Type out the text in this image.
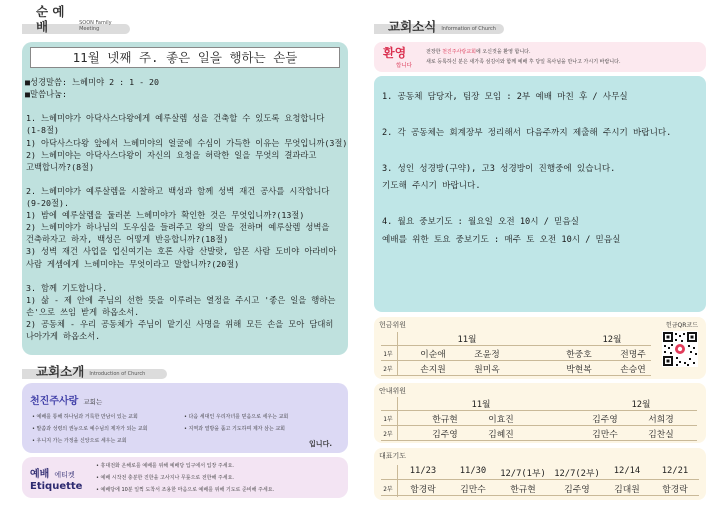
순 예배	SOON Family Meeting
11월 넷째 주. 좋은 일을 행하는 손들
■성경말씀: 느헤미야 2 : 1 - 20
■말씀나눔:
1. 느헤미야가 아닥사스다왕에게 예루살렘 성을 건축할 수 있도록 요청합니다
(1-8절)
1) 아닥사스다왕 앞에서 느헤미야의 얼굴에 수심이 가득한 이유는 무엇입니까(3절)
2) 느헤미야는 아닥사스다왕이 자신의 요청을 허락한 일을 무엇의 결과라고
고백합니까?(8절)
2. 느헤미야가 예루살렘을 시찰하고 백성과 함께 성벽 재건 공사를 시작합니다
(9-20절).
1) 밤에 예루살렘을 둘러본 느헤미야가 확인한 것은 무엇입니까?(13절)
2) 느헤미야가 하나님의 도우심을 들려주고 왕의 말을 전하며 예루살렘 성벽을
건축하자고 하자, 백성은 어떻게 반응합니까?(18절)
3) 성벽 재건 사업을 업신여기는 호론 사람 산발랏, 암몬 사람 도비야 아라비아
사람 게셈에게 느헤미야는 무엇이라고 말합니까?(20절)
3. 함께 기도합니다.
1) 삶 - 제 안에 주님의 선한 뜻을 이루려는 열정을 주시고 '좋은 일을 행하는
손'으로 쓰임 받게 하옵소서.
2) 공동체 - 우리 공동체가 주님이 맡기신 사명을 위해 모든 손을 모아 담대히
나아가게 하옵소서.
교회소개 Introduction of Church
천진주사랑 교회는
• 예배를 통해 하나님과 거룩한 만남이 있는 교회
• 말씀과 성령의 권능으로 예수님의 제자가 되는 교회
• 우니지 가는 가정을 신앙으로 세우는 교회
• 다음 세대인 우리자녀를 믿음으로 세우는 교회
• 지역과 열방을 품고 기도하며 제자 삼는 교회
입니다.
예배 에티켓
Etiquette
• 휴대전화 온해로를 예배를 위해 예배당 입구에서 입장 주세요.
• 예배 시작전 충분한 진한을 고사지나 무릎으로 전한해 주세요.
• 예배당에 10분 일찍 도착서 조용한 마음으로 예배를 위해 기도로 준비해 주세요.
교회소식 Information of Church
환영
합니다
전장한 천진주사랑교회에 오신것을 환영 합니다.
새로 등록하신 분은 새가족 섬김이와 함께 예배 후 당일 목사님을 만나고 가시기 바랍니다.
1. 공동체 담당자, 팀장 모임 : 2부 예배 마친 후 / 사무실
2. 각 공동체는 회계장부 정리해서 다음주까지 제출해 주시기 바랍니다.
3. 성인 성경방(구약), 고3 성경방이 진행중에 있습니다.
기도해 주시기 바랍니다.
4. 월요 중보기도 : 월요일 오전 10시 / 믿음실
예배를 위한 토요 중보기도 : 매주 토 오전 10시 / 믿음실
헌금위원	헌금QR코드
11월	12월
1부	이순애	조윤정	한중호	전명주
2부	손지원	원미옥	박현복	손승연
안내위원
11월	12월
1부	한규현	이효진	김주영	서희경
2부	김주영	김혜진	김만수	김찬실
대표기도
11/23	11/30	12/7(1부) 12/7(2부)	12/14	12/21
2부	함경락	김만수	한규현	김주영	김대원	함경락
